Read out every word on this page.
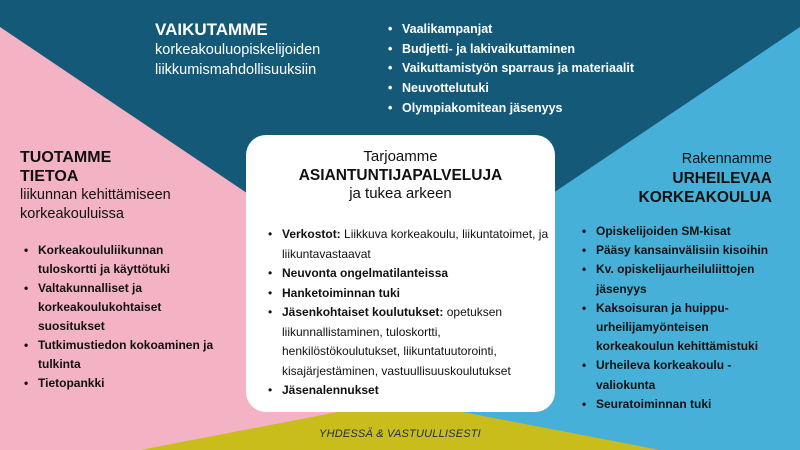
VAIKUTAMME
korkeakouluopiskelijoiden
liikkumismahdollisuuksiin
• Vaalikampanjat
• Budjetti- ja lakivaikuttaminen
• Vaikuttamistyön sparraus ja materiaalit
• Neuvottelutuki
• Olympiakomitean jäsenyys
TUOTAMME
TIETOA
liikunnan kehittämiseen
korkeakouluissa
• Korkeakoululiikunnan tuloskortti ja käyttötuki
• Valtakunnalliset ja korkeakoulukohtaiset suositukset
• Tutkimustiedon kokoaminen ja tulkinta
• Tietopankki
Rakennamme
URHEILEVAA
KORKEAKOULUA
• Opiskelijoiden SM-kisat
• Pääsy kansainvälisiin kisoihin
• Kv. opiskelijaurheiluliittojen jäsenyys
• Kaksoisuran ja huippu-urheilijamyönteisen korkeakoulun kehittämistuki
• Urheileva korkeakoulu -valiokunta
• Seuratoiminnan tuki
Tarjoamme
ASIANTUNTIJAPALVELUJA
ja tukea arkeen
• Verkostot: Liikkuva korkeakoulu, liikuntatoimet, ja liikuntavastaavat
• Neuvonta ongelmatilanteissa
• Hanketoiminnan tuki
• Jäsenkohtaiset koulutukset: opetuksen liikunnallistaminen, tuloskortti, henkilöstökoulutukset, liikuntatuutorointi, kisajärjestäminen, vastuullisuuskoulutukset
• Jäsenalennukset
YHDESSÄ & VASTUULLISESTI
